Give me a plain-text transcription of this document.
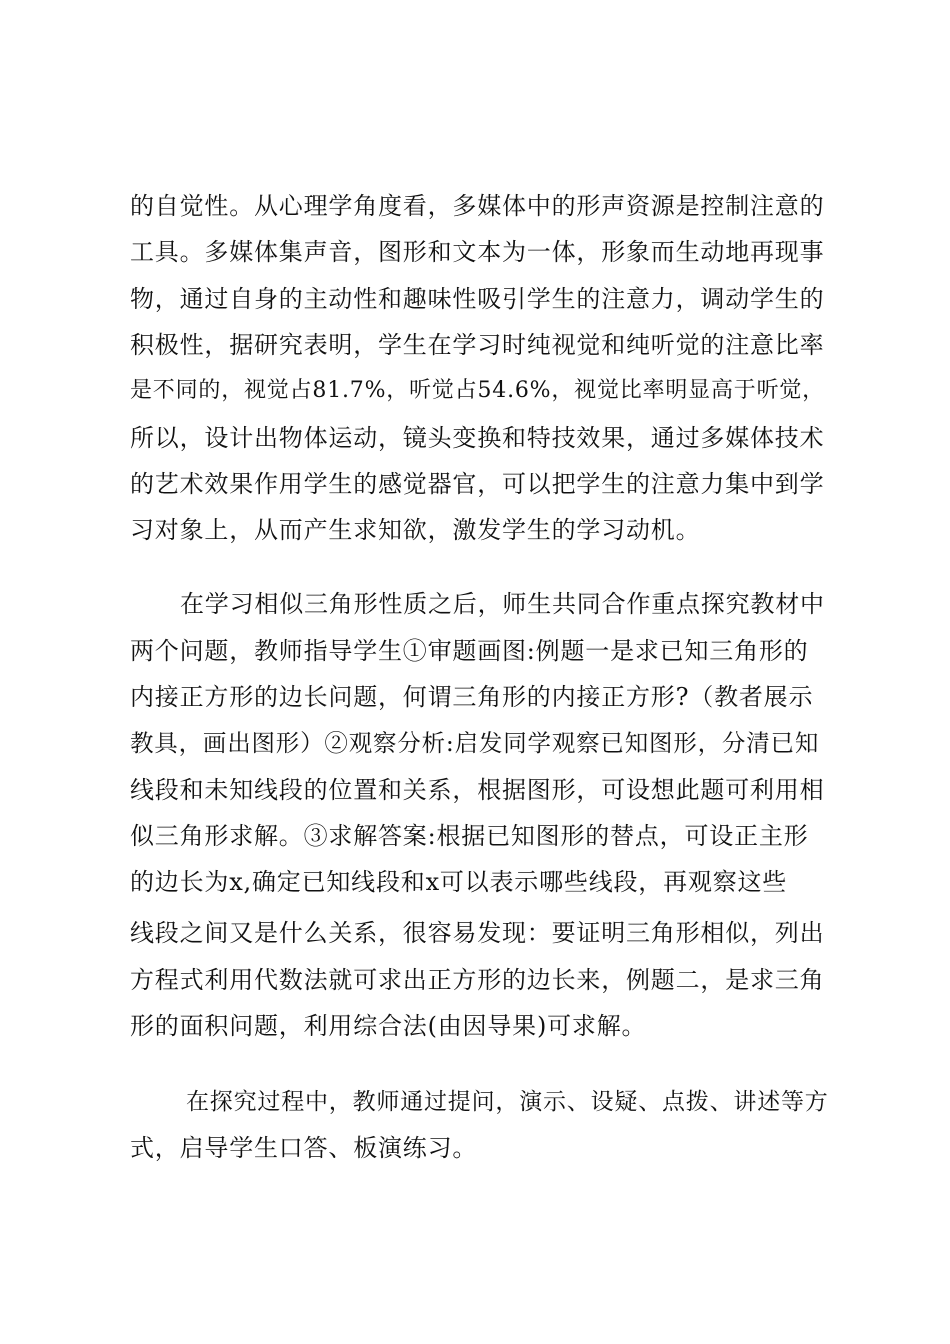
的自觉性。从心理学角度看，多媒体中的形声资源是控制注意的
工具。多媒体集声音，图形和文本为一体，形象而生动地再现事
物，通过自身的主动性和趣味性吸引学生的注意力，调动学生的
积极性，据研究表明，学生在学习时纯视觉和纯听觉的注意比率
是不同的，视觉占81.7%，听觉占54.6%，视觉比率明显高于听觉，
所以，设计出物体运动，镜头变换和特技效果，通过多媒体技术
的艺术效果作用学生的感觉器官，可以把学生的注意力集中到学
习对象上，从而产生求知欲，激发学生的学习动机。
在学习相似三角形性质之后，师生共同合作重点探究教材中
两个问题，教师指导学生①审题画图:例题一是求已知三角形的
内接正方形的边长问题，何谓三角形的内接正方形?（教者展示
教具，画出图形）②观察分析:启发同学观察已知图形，分清已知
线段和未知线段的位置和关系，根据图形，可设想此题可利用相
似三角形求解。③求解答案:根据已知图形的替点，可设正主形
的边长为x,确定已知线段和x可以表示哪些线段，再观察这些
线段之间又是什么关系，很容易发现：要证明三角形相似，列出
方程式利用代数法就可求出正方形的边长来，例题二，是求三角
形的面积问题，利用综合法(由因导果)可求解。
在探究过程中，教师通过提问，演示、设疑、点拨、讲述等方
式，启导学生口答、板演练习。
